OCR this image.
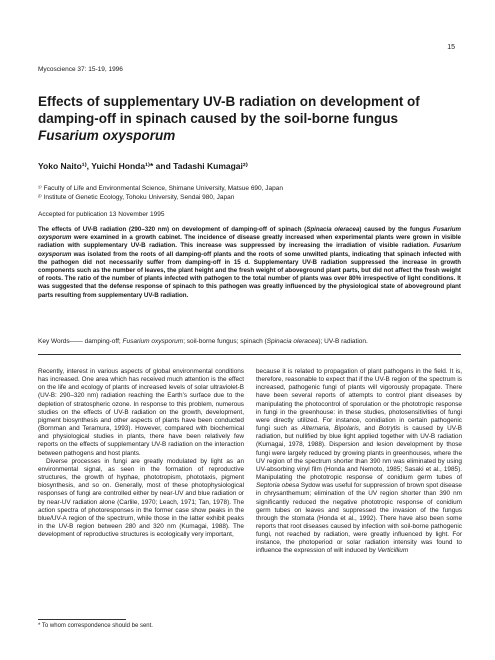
15
Mycoscience 37: 15-19, 1996
Effects of supplementary UV-B radiation on development of
damping-off in spinach caused by the soil-borne fungus
Fusarium oxysporum
Yoko Naito¹⁾, Yuichi Honda¹⁾* and Tadashi Kumagai²⁾
¹⁾ Faculty of Life and Environmental Science, Shimane University, Matsue 690, Japan
²⁾ Institute of Genetic Ecology, Tohoku University, Sendai 980, Japan
Accepted for publication 13 November 1995

The effects of UV-B radiation (290–320 nm) on development of damping-off of spinach (Spinacia oleracea) caused by the fungus Fusarium oxysporum were examined in a growth cabinet. The incidence of disease greatly increased when experimental plants were grown in visible radiation with supplementary UV-B radiation. This increase was suppressed by increasing the irradiation of visible radiation. Fusarium oxysporum was isolated from the roots of all damping-off plants and the roots of some unwilted plants, indicating that spinach infected with the pathogen did not necessarily suffer from damping-off in 15 d. Supplementary UV-B radiation suppressed the increase in growth components such as the number of leaves, the plant height and the fresh weight of aboveground plant parts, but did not affect the fresh weight of roots. The ratio of the number of plants infected with pathogen to the total number of plants was over 80% irrespective of light conditions. It was suggested that the defense response of spinach to this pathogen was greatly influenced by the physiological state of aboveground plant parts resulting from supplementary UV-B radiation.

Key Words—— damping-off; Fusarium oxysporum; soil-borne fungus; spinach (Spinacia oleracea); UV-B radiation.

Recently, interest in various aspects of global environmental conditions has increased. One area which has received much attention is the effect on the life and ecology of plants of increased levels of solar ultraviolet-B (UV-B: 290–320 nm) radiation reaching the Earth’s surface due to the depletion of stratospheric ozone. In response to this problem, numerous studies on the effects of UV-B radiation on the growth, development, pigment biosynthesis and other aspects of plants have been conducted (Bornman and Teramura, 1993). However, compared with biochemical and physiological studies in plants, there have been relatively few reports on the effects of supplementary UV-B radiation on the interaction between pathogens and host plants.

Diverse processes in fungi are greatly modulated by light as an environmental signal, as seen in the formation of reproductive structures, the growth of hyphae, phototropism, phototaxis, pigment biosynthesis, and so on. Generally, most of these photophysiological responses of fungi are controlled either by near-UV and blue radiation or by near-UV radiation alone (Carlile, 1970; Leach, 1971; Tan, 1978). The action spectra of photoresponses in the former case show peaks in the blue/UV-A region of the spectrum, while those in the latter exhibit peaks in the UV-B region between 280 and 320 nm (Kumagai, 1988). The development of reproductive structures is ecologically very important,

because it is related to propagation of plant pathogens in the field. It is, therefore, reasonable to expect that if the UV-B region of the spectrum is increased, pathogenic fungi of plants will vigorously propagate. There have been several reports of attempts to control plant diseases by manipulating the photocontrol of sporulation or the phototropic response in fungi in the greenhouse: in these studies, photosensitivities of fungi were directly utilized. For instance, conidiation in certain pathogenic fungi such as Alternaria, Bipolaris, and Botrytis is caused by UV-B radiation, but nullified by blue light applied together with UV-B radiation (Kumagai, 1978, 1988). Dispersion and lesion development by those fungi were largely reduced by growing plants in greenhouses, where the UV region of the spectrum shorter than 390 nm was eliminated by using UV-absorbing vinyl film (Honda and Nemoto, 1985; Sasaki et al., 1985). Manipulating the phototropic response of conidium germ tubes of Septoria obesa Sydow was useful for suppression of brown spot disease in chrysanthemum; elimination of the UV region shorter than 390 nm significantly reduced the negative phototropic response of conidium germ tubes on leaves and suppressed the invasion of the fungus through the stomata (Honda et al., 1992). There have also been some reports that root diseases caused by infection with soil-borne pathogenic fungi, not reached by radiation, were greatly influenced by light. For instance, the photoperiod or solar radiation intensity was found to influence the expression of wilt induced by Verticillium

* To whom correspondence should be sent.
